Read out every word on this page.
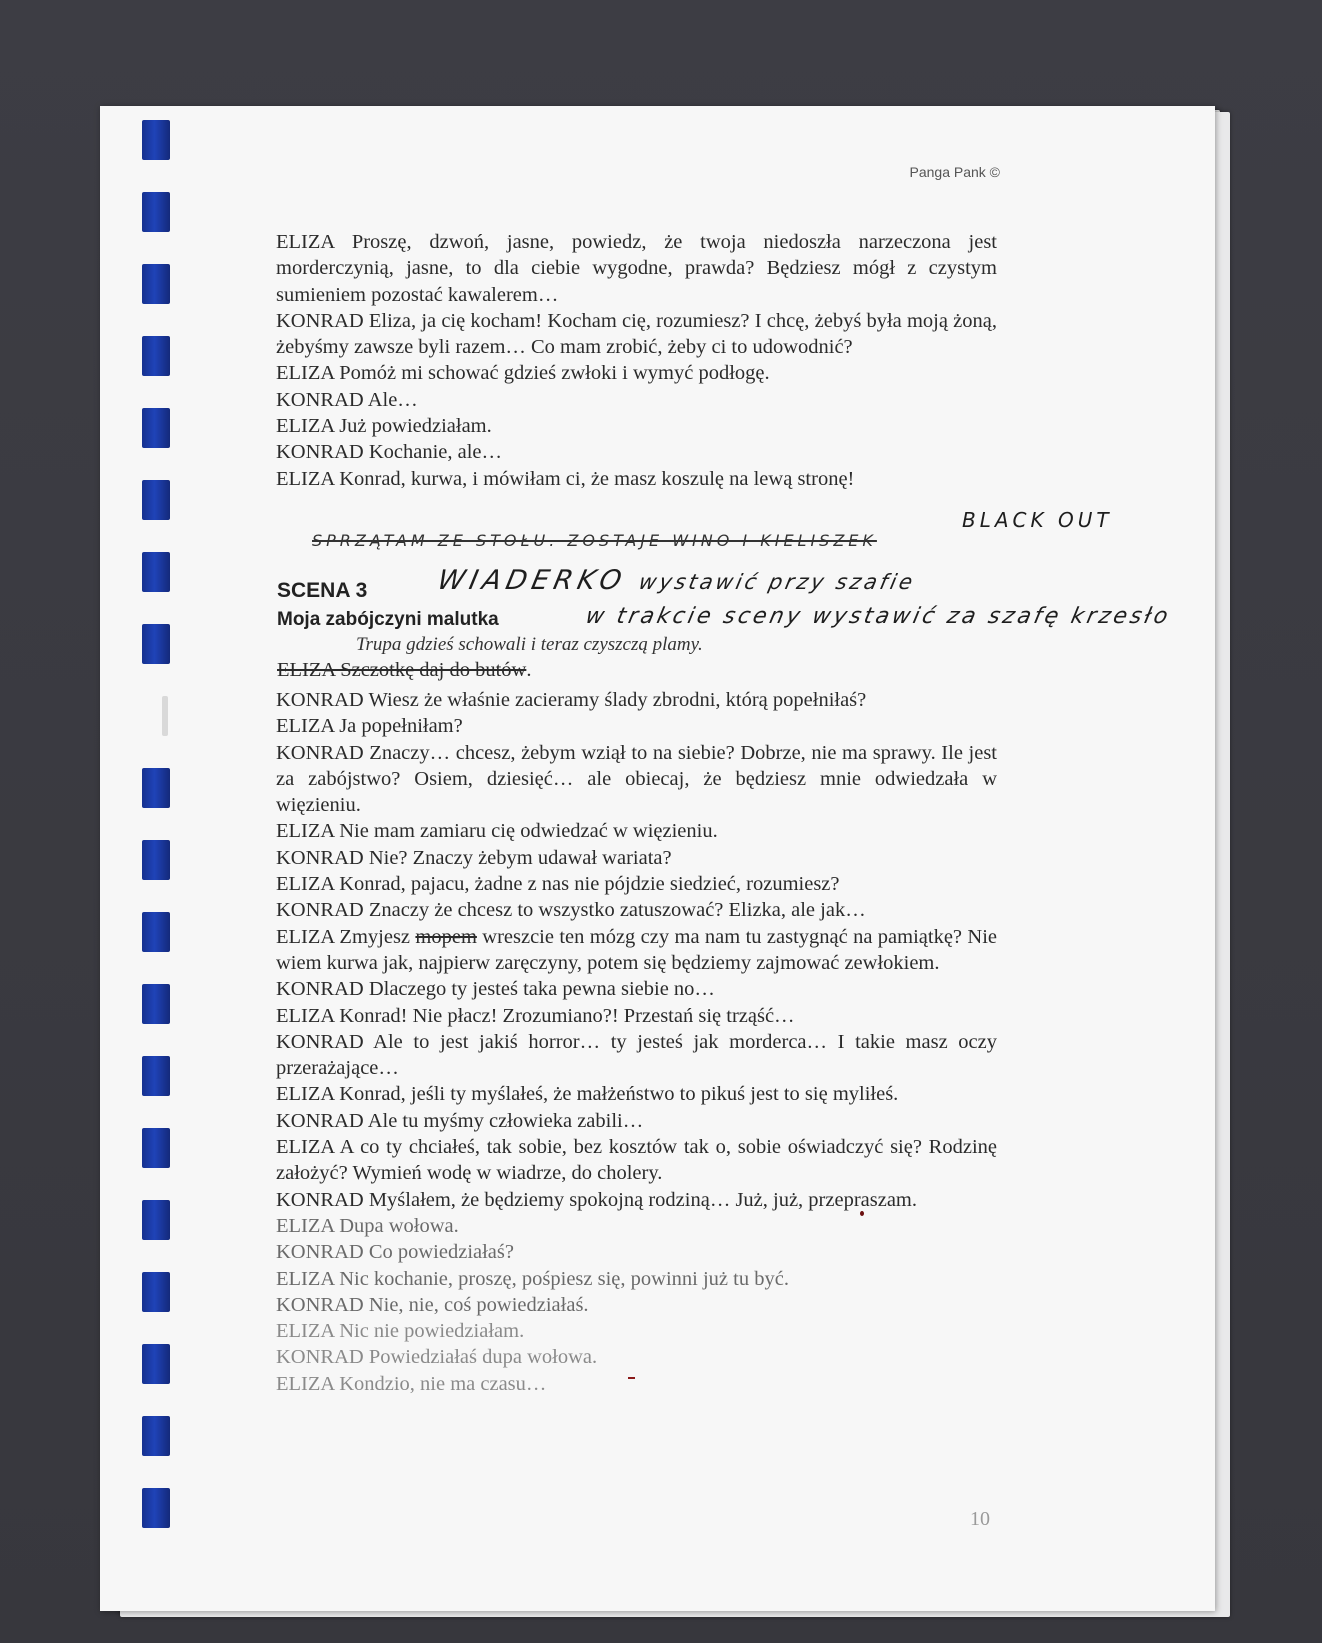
Panga Pank ©

ELIZA Proszę, dzwoń, jasne, powiedz, że twoja niedoszła narzeczona jest morderczynią, jasne, to dla ciebie wygodne, prawda? Będziesz mógł z czystym sumieniem pozostać kawalerem…

KONRAD Eliza, ja cię kocham! Kocham cię, rozumiesz? I chcę, żebyś była moją żoną, żebyśmy zawsze byli razem… Co mam zrobić, żeby ci to udowodnić?

ELIZA Pomóż mi schować gdzieś zwłoki i wymyć podłogę.

KONRAD Ale…

ELIZA Już powiedziałam.

KONRAD Kochanie, ale…

ELIZA Konrad, kurwa, i mówiłam ci, że masz koszulę na lewą stronę!

BLACK OUT
SPRZĄTAM ZE STOŁU. ZOSTAJE WINO I KIELISZEK
SCENA 3 WIADERKO wystawić przy szafie
Moja zabójczyni malutka	w trakcie sceny wystawić za szafę krzesło
Trupa gdzieś schowali i teraz czyszczą plamy.
ELIZA Szczotkę daj do butów.

KONRAD Wiesz że właśnie zacieramy ślady zbrodni, którą popełniłaś?

ELIZA Ja popełniłam?

KONRAD Znaczy… chcesz, żebym wziął to na siebie? Dobrze, nie ma sprawy. Ile jest za zabójstwo? Osiem, dziesięć… ale obiecaj, że będziesz mnie odwiedzała w więzieniu.

ELIZA Nie mam zamiaru cię odwiedzać w więzieniu.

KONRAD Nie? Znaczy żebym udawał wariata?

ELIZA Konrad, pajacu, żadne z nas nie pójdzie siedzieć, rozumiesz?

KONRAD Znaczy że chcesz to wszystko zatuszować? Elizka, ale jak…

ELIZA Zmyjesz mopem wreszcie ten mózg czy ma nam tu zastygnąć na pamiątkę? Nie wiem kurwa jak, najpierw zaręczyny, potem się będziemy zajmować zewłokiem.

KONRAD Dlaczego ty jesteś taka pewna siebie no…

ELIZA Konrad! Nie płacz! Zrozumiano?! Przestań się trząść…

KONRAD Ale to jest jakiś horror… ty jesteś jak morderca… I takie masz oczy przerażające…

ELIZA Konrad, jeśli ty myślałeś, że małżeństwo to pikuś jest to się myliłeś.

KONRAD Ale tu myśmy człowieka zabili…

ELIZA A co ty chciałeś, tak sobie, bez kosztów tak o, sobie oświadczyć się? Rodzinę założyć? Wymień wodę w wiadrze, do cholery.

KONRAD Myślałem, że będziemy spokojną rodziną… Już, już, przepraszam.

ELIZA Dupa wołowa.

KONRAD Co powiedziałaś?

ELIZA Nic kochanie, proszę, pośpiesz się, powinni już tu być.

KONRAD Nie, nie, coś powiedziałaś.

ELIZA Nic nie powiedziałam.

KONRAD Powiedziałaś dupa wołowa.

ELIZA Kondzio, nie ma czasu…

10
